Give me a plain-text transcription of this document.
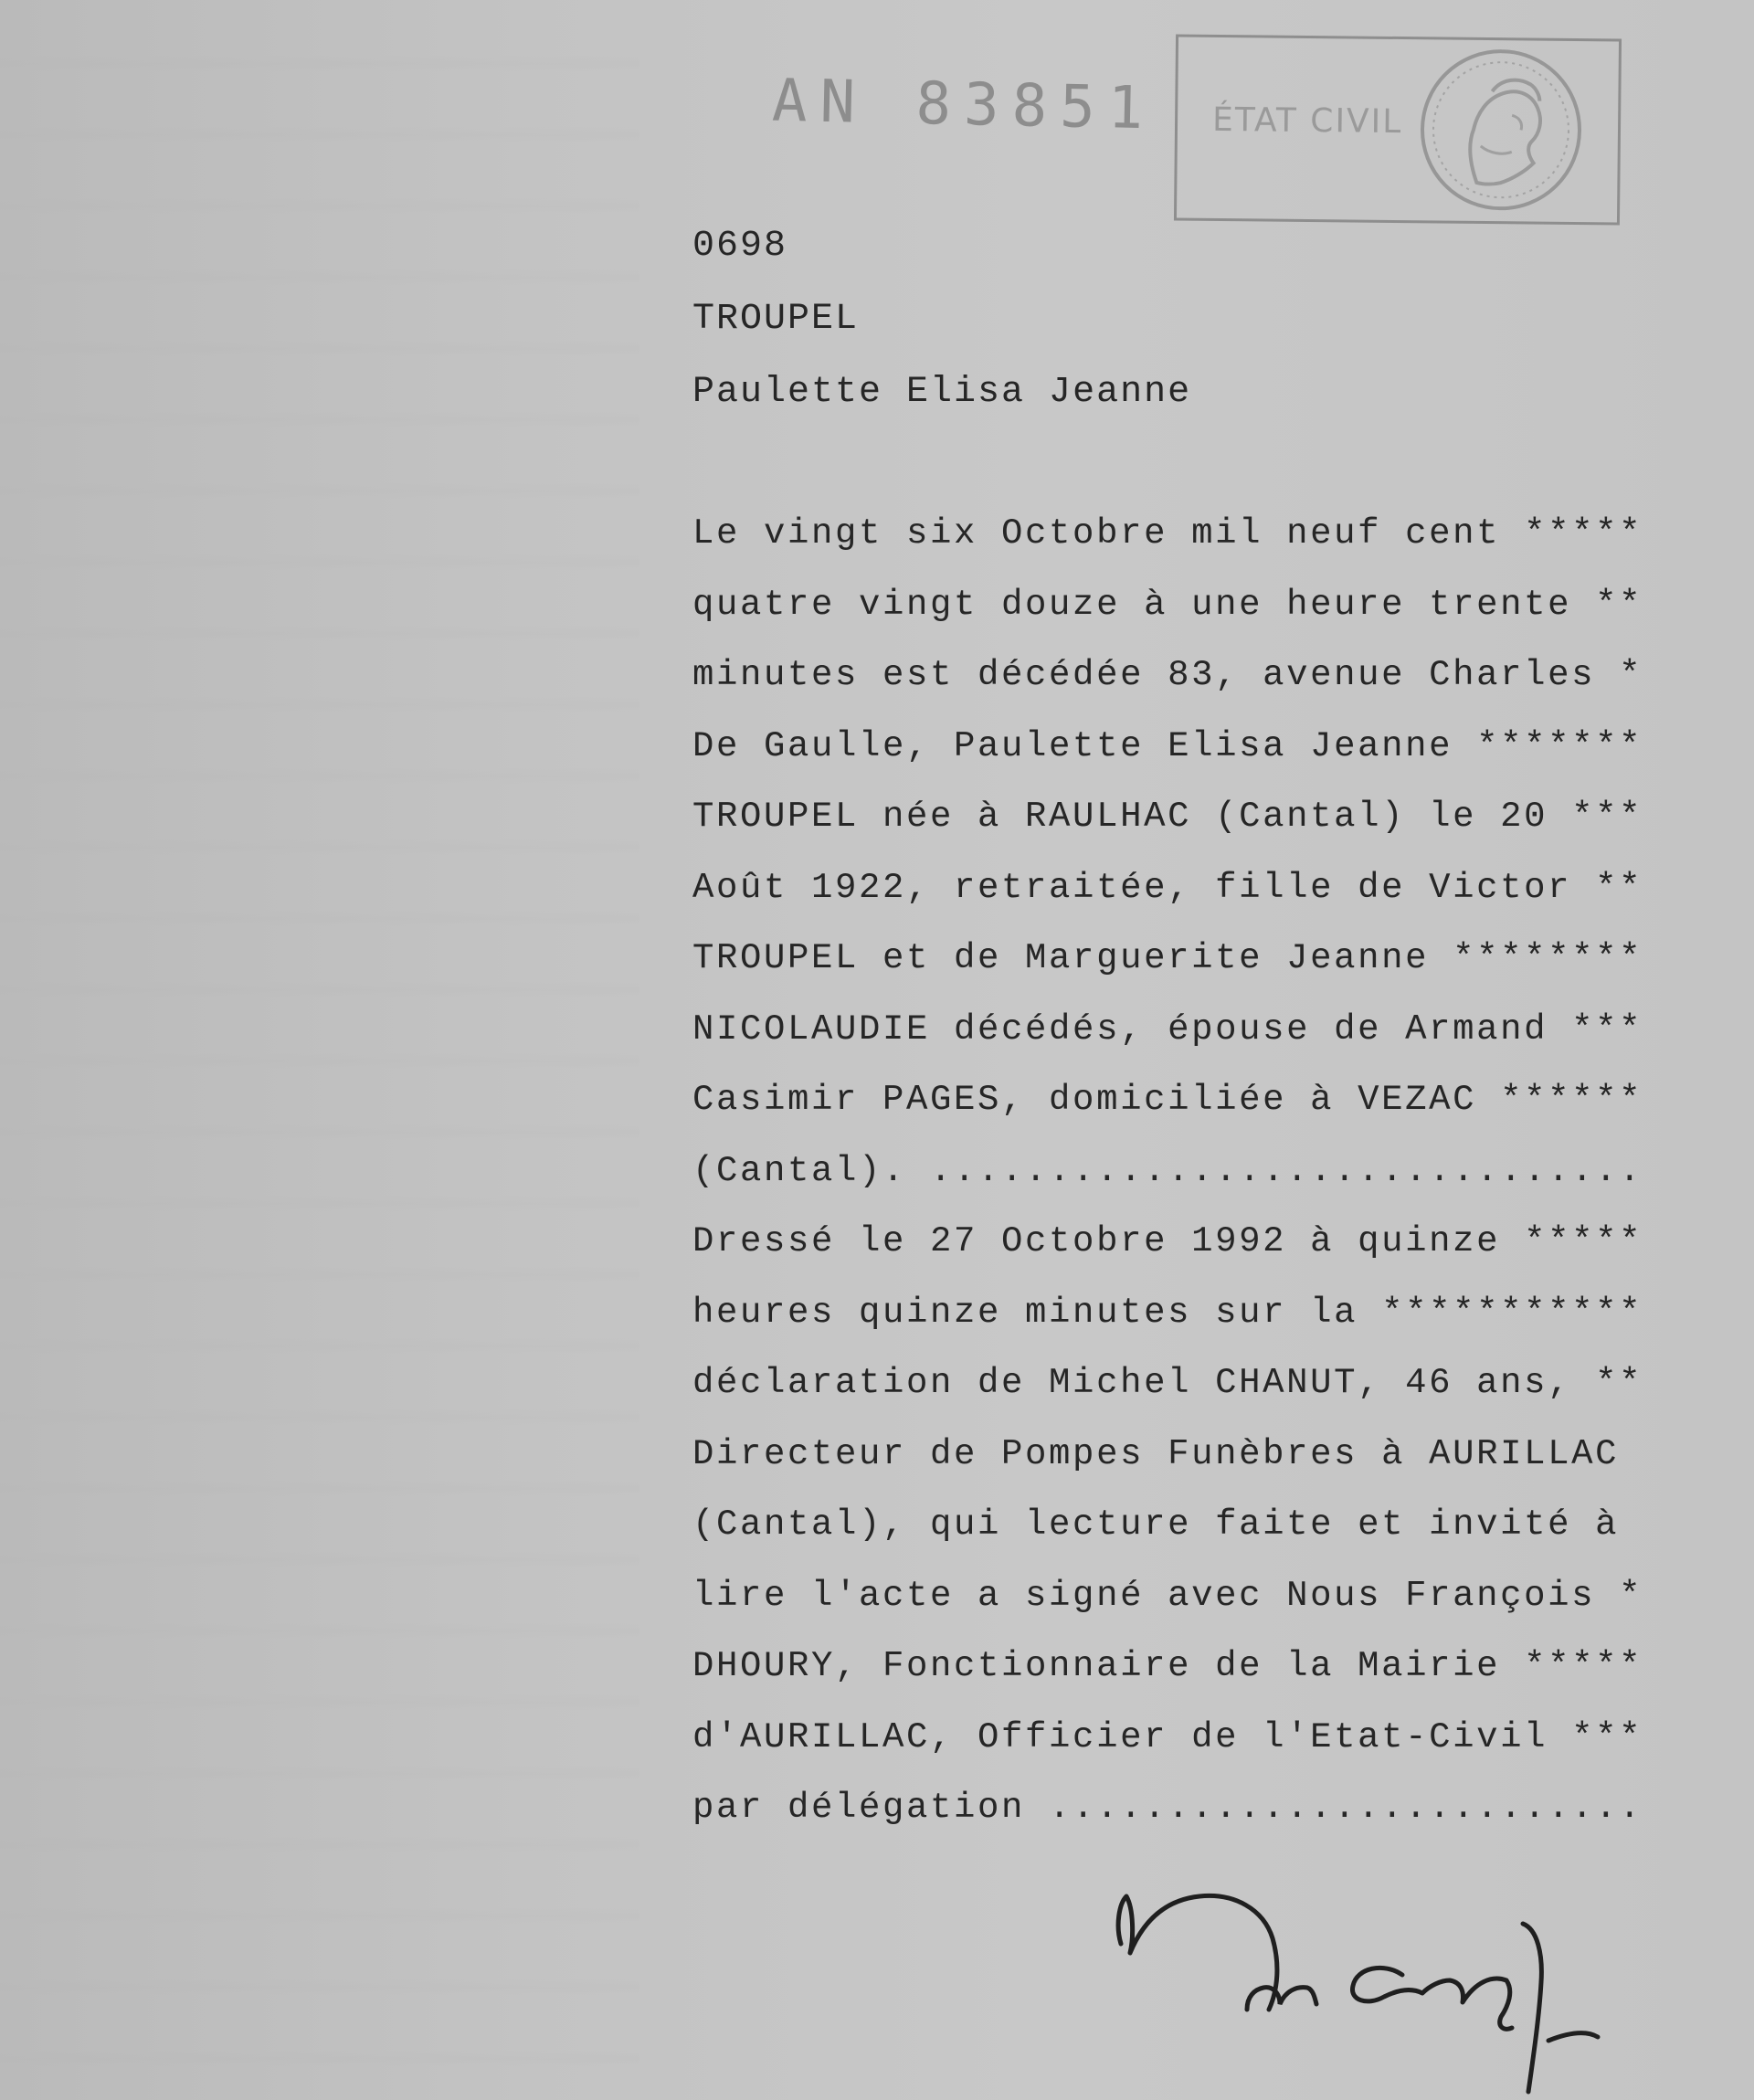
AN 83851 ÉTAT CIVIL
0698
TROUPEL
Paulette Elisa Jeanne
Le vingt six Octobre mil neuf cent *****
quatre vingt douze à une heure trente **
minutes est décédée 83, avenue Charles *
De Gaulle, Paulette Elisa Jeanne *******
TROUPEL née à RAULHAC (Cantal) le 20 ***
Août 1922, retraitée, fille de Victor **
TROUPEL et de Marguerite Jeanne ********
NICOLAUDIE décédés, épouse de Armand ***
Casimir PAGES, domiciliée à VEZAC ******
(Cantal). ..............................
Dressé le 27 Octobre 1992 à quinze *****
heures quinze minutes sur la ***********
déclaration de Michel CHANUT, 46 ans, **
Directeur de Pompes Funèbres à AURILLAC
(Cantal), qui lecture faite et invité à
lire l'acte a signé avec Nous François *
DHOURY, Fonctionnaire de la Mairie *****
d'AURILLAC, Officier de l'Etat-Civil ***
par délégation .........................
